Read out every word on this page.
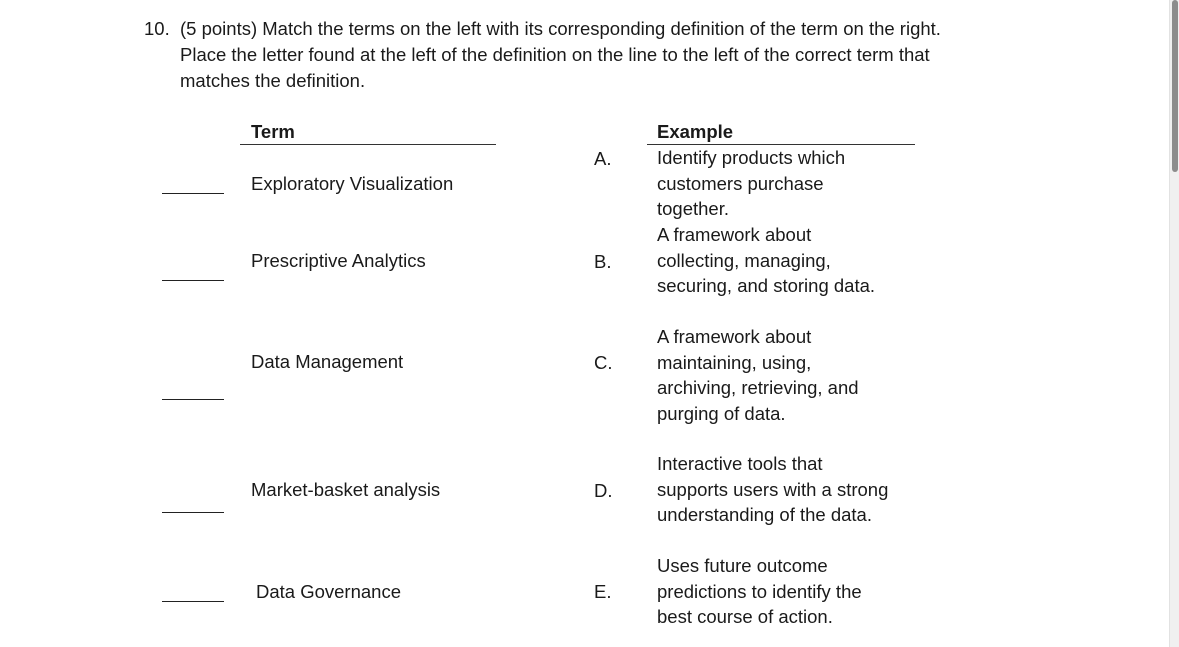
10. (5 points) Match the terms on the left with its corresponding definition of the term on the right.
Place the letter found at the left of the definition on the line to the left of the correct term that
matches the definition.
Term	Example
Exploratory Visualization
Prescriptive Analytics
Data Management
Market-basket analysis
Data Governance
A.
B.
C.
D.
E.
Identify products which
customers purchase
together.
A framework about
collecting, managing,
securing, and storing data.
A framework about
maintaining, using,
archiving, retrieving, and
purging of data.
Interactive tools that
supports users with a strong
understanding of the data.
Uses future outcome
predictions to identify the
best course of action.
